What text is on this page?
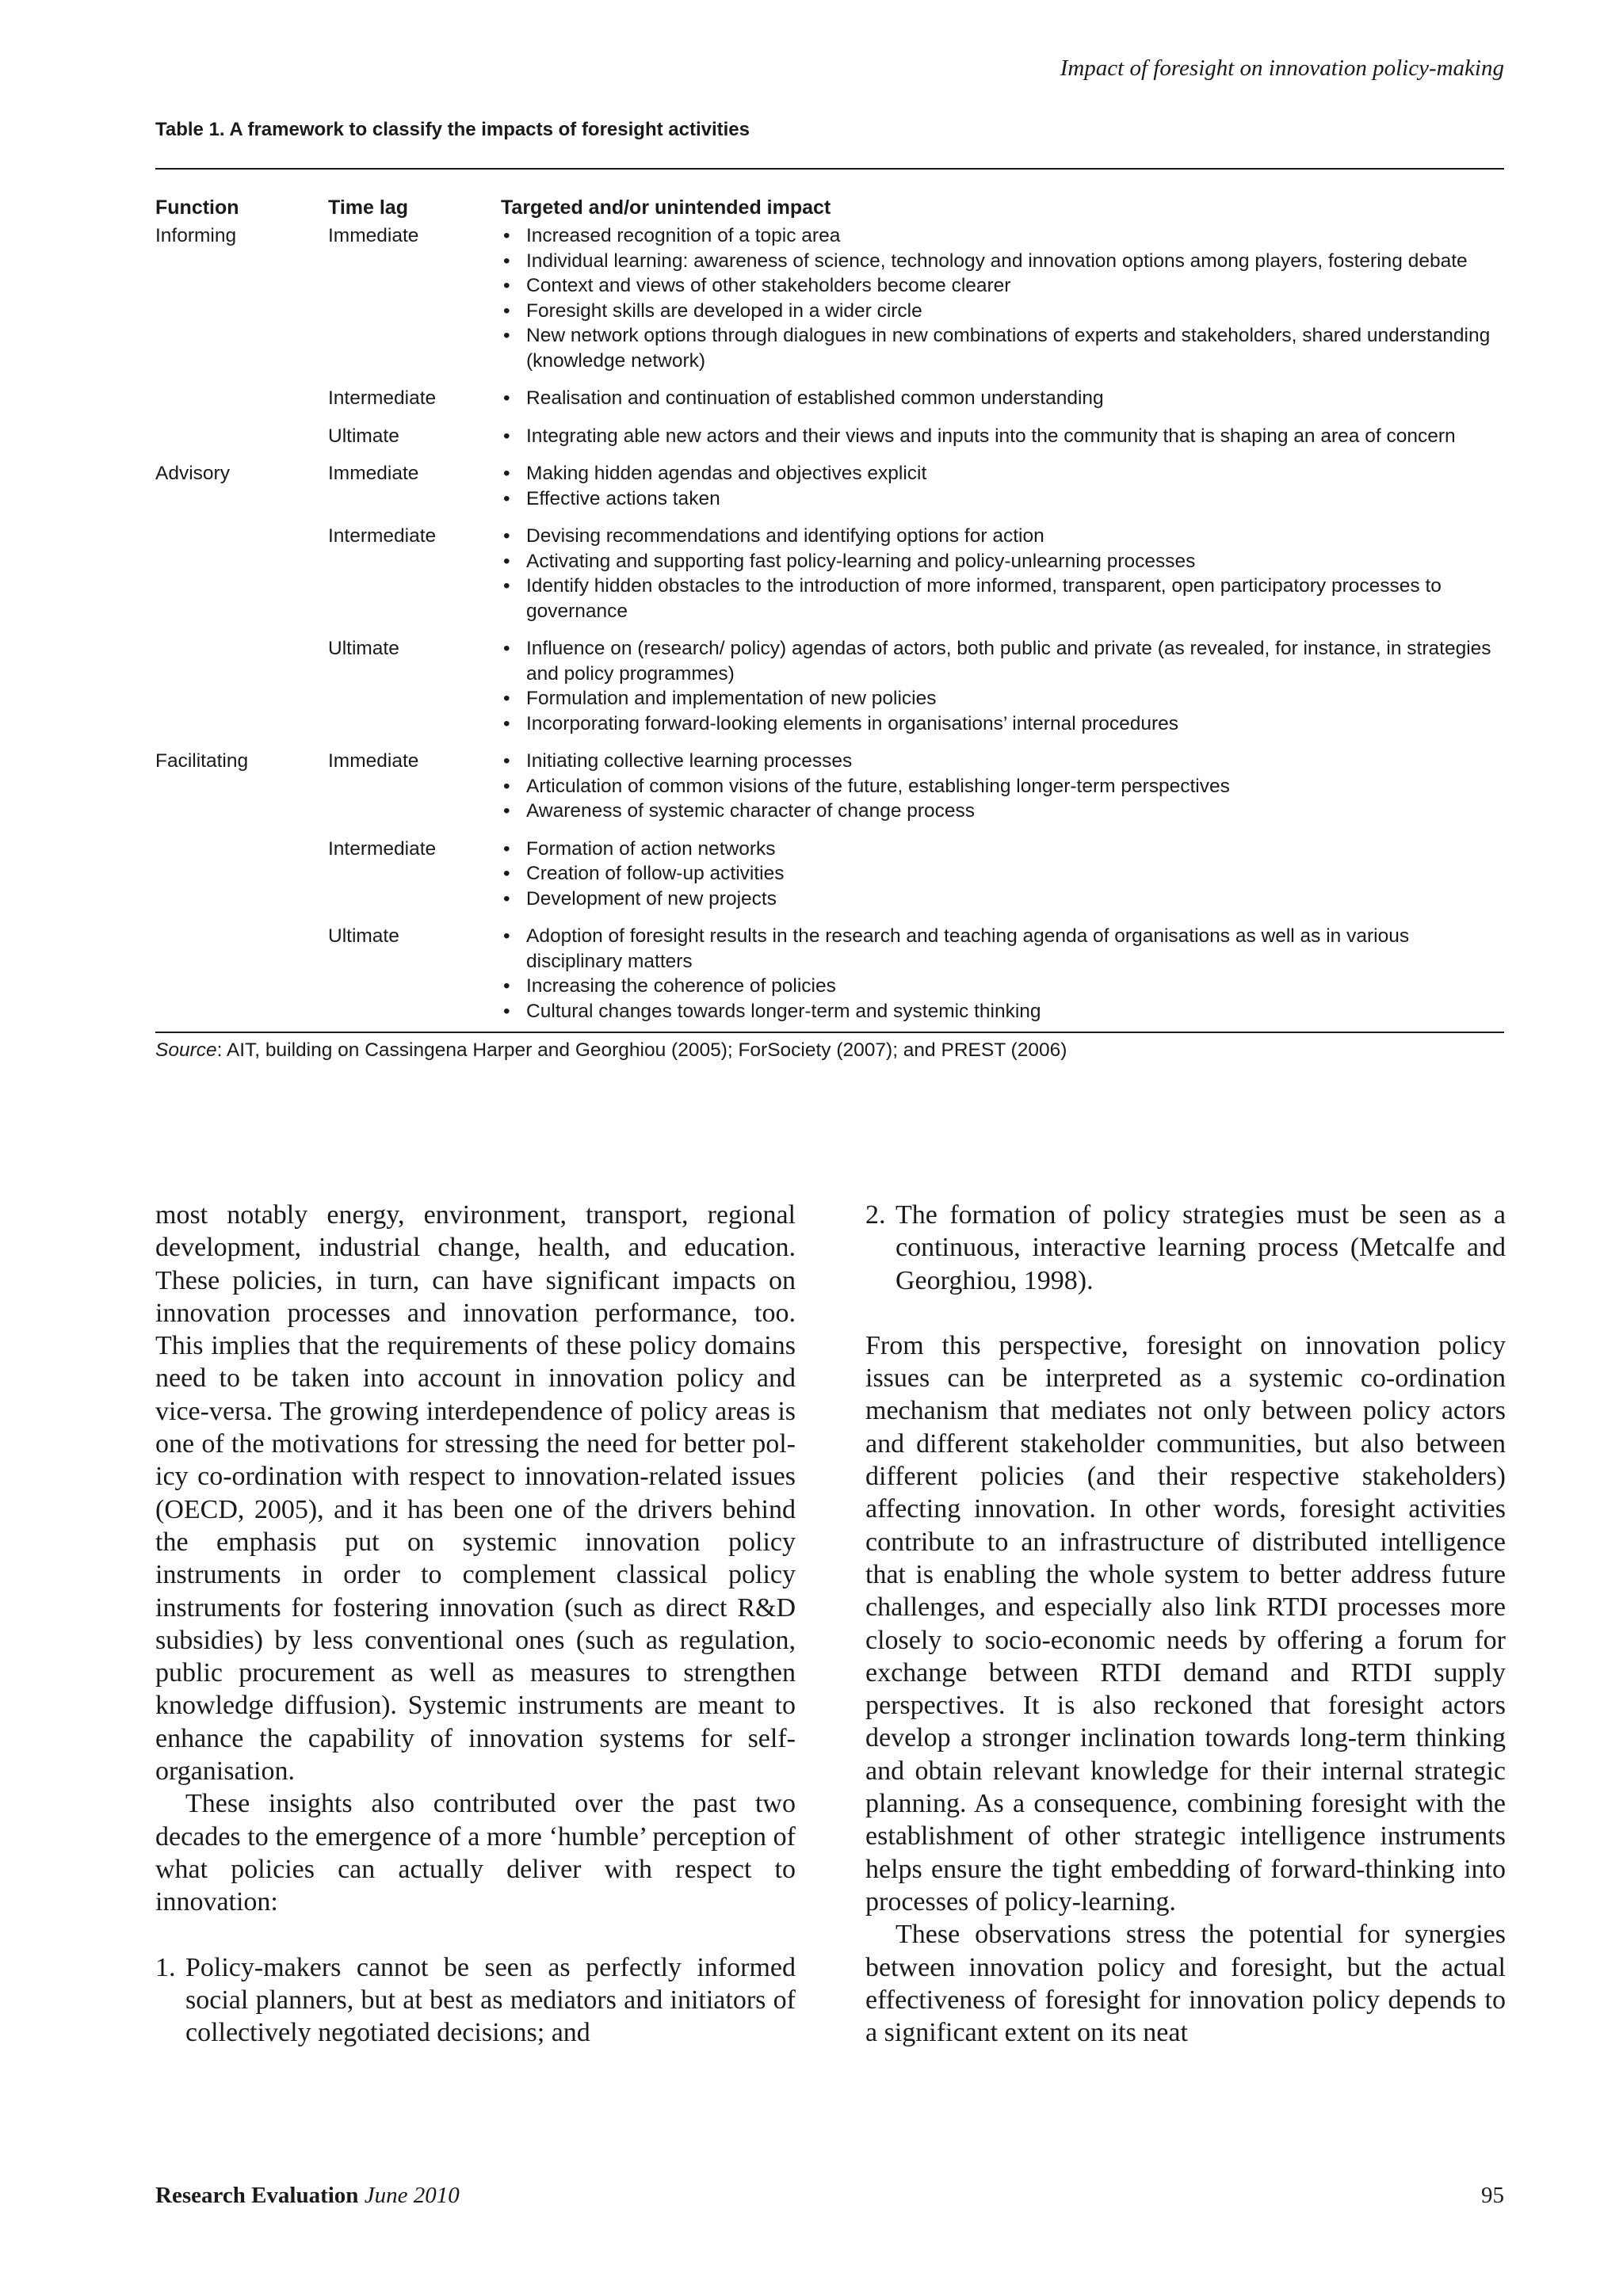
Impact of foresight on innovation policy-making

Table 1. A framework to classify the impacts of foresight activities

Function	Time lag	Targeted and/or unintended impact
Informing	Immediate	• Increased recognition of a topic area
• Individual learning: awareness of science, technology and innovation options among players, fostering debate
• Context and views of other stakeholders become clearer
• Foresight skills are developed in a wider circle
• New network options through dialogues in new combinations of experts and stakeholders, shared understanding (knowledge network)
Intermediate	• Realisation and continuation of established common understanding
Ultimate	• Integrating able new actors and their views and inputs into the community that is shaping an area of concern
Advisory	Immediate	• Making hidden agendas and objectives explicit
• Effective actions taken
Intermediate	• Devising recommendations and identifying options for action
• Activating and supporting fast policy-learning and policy-unlearning processes
• Identify hidden obstacles to the introduction of more informed, transparent, open participatory processes to governance
Ultimate	• Influence on (research/ policy) agendas of actors, both public and private (as revealed, for instance, in strategies and policy programmes)
• Formulation and implementation of new policies
• Incorporating forward-looking elements in organisations’ internal procedures
Facilitating	Immediate	• Initiating collective learning processes
• Articulation of common visions of the future, establishing longer-term perspectives
• Awareness of systemic character of change process
Intermediate	• Formation of action networks
• Creation of follow-up activities
• Development of new projects
Ultimate	• Adoption of foresight results in the research and teaching agenda of organisations as well as in various disciplinary matters
• Increasing the coherence of policies
• Cultural changes towards longer-term and systemic thinking
Source: AIT, building on Cassingena Harper and Georghiou (2005); ForSociety (2007); and PREST (2006)

most notably energy, environment, transport, regional development, industrial change, health, and education. These policies, in turn, can have significant impacts on innovation processes and innovation performance, too. This implies that the requirements of these policy domains need to be taken into account in innovation policy and vice-versa. The growing interdependence of policy areas is one of the motivations for stressing the need for better policy co-ordination with respect to innovation-related issues (OECD, 2005), and it has been one of the drivers behind the emphasis put on systemic innovation policy instruments in order to complement classical policy instruments for fostering innovation (such as direct R&D subsidies) by less conventional ones (such as regulation, public procurement as well as measures to strengthen knowledge diffusion). Systemic instruments are meant to enhance the capability of innovation systems for self-organisation.

These insights also contributed over the past two decades to the emergence of a more ‘humble’ perception of what policies can actually deliver with respect to innovation:

1. Policy-makers cannot be seen as perfectly informed social planners, but at best as mediators and initiators of collectively negotiated decisions; and
2. The formation of policy strategies must be seen as a continuous, interactive learning process (Metcalfe and Georghiou, 1998).

From this perspective, foresight on innovation policy issues can be interpreted as a systemic co-ordination mechanism that mediates not only between policy actors and different stakeholder communities, but also between different policies (and their respective stakeholders) affecting innovation. In other words, foresight activities contribute to an infrastructure of distributed intelligence that is enabling the whole system to better address future challenges, and especially also link RTDI processes more closely to socio-economic needs by offering a forum for exchange between RTDI demand and RTDI supply perspectives. It is also reckoned that foresight actors develop a stronger inclination towards long-term thinking and obtain relevant knowledge for their internal strategic planning. As a consequence, combining foresight with the establishment of other strategic intelligence instruments helps ensure the tight embedding of forward-thinking into processes of policy-learning.

These observations stress the potential for synergies between innovation policy and foresight, but the actual effectiveness of foresight for innovation policy depends to a significant extent on its neat

Research Evaluation June 2010	95
